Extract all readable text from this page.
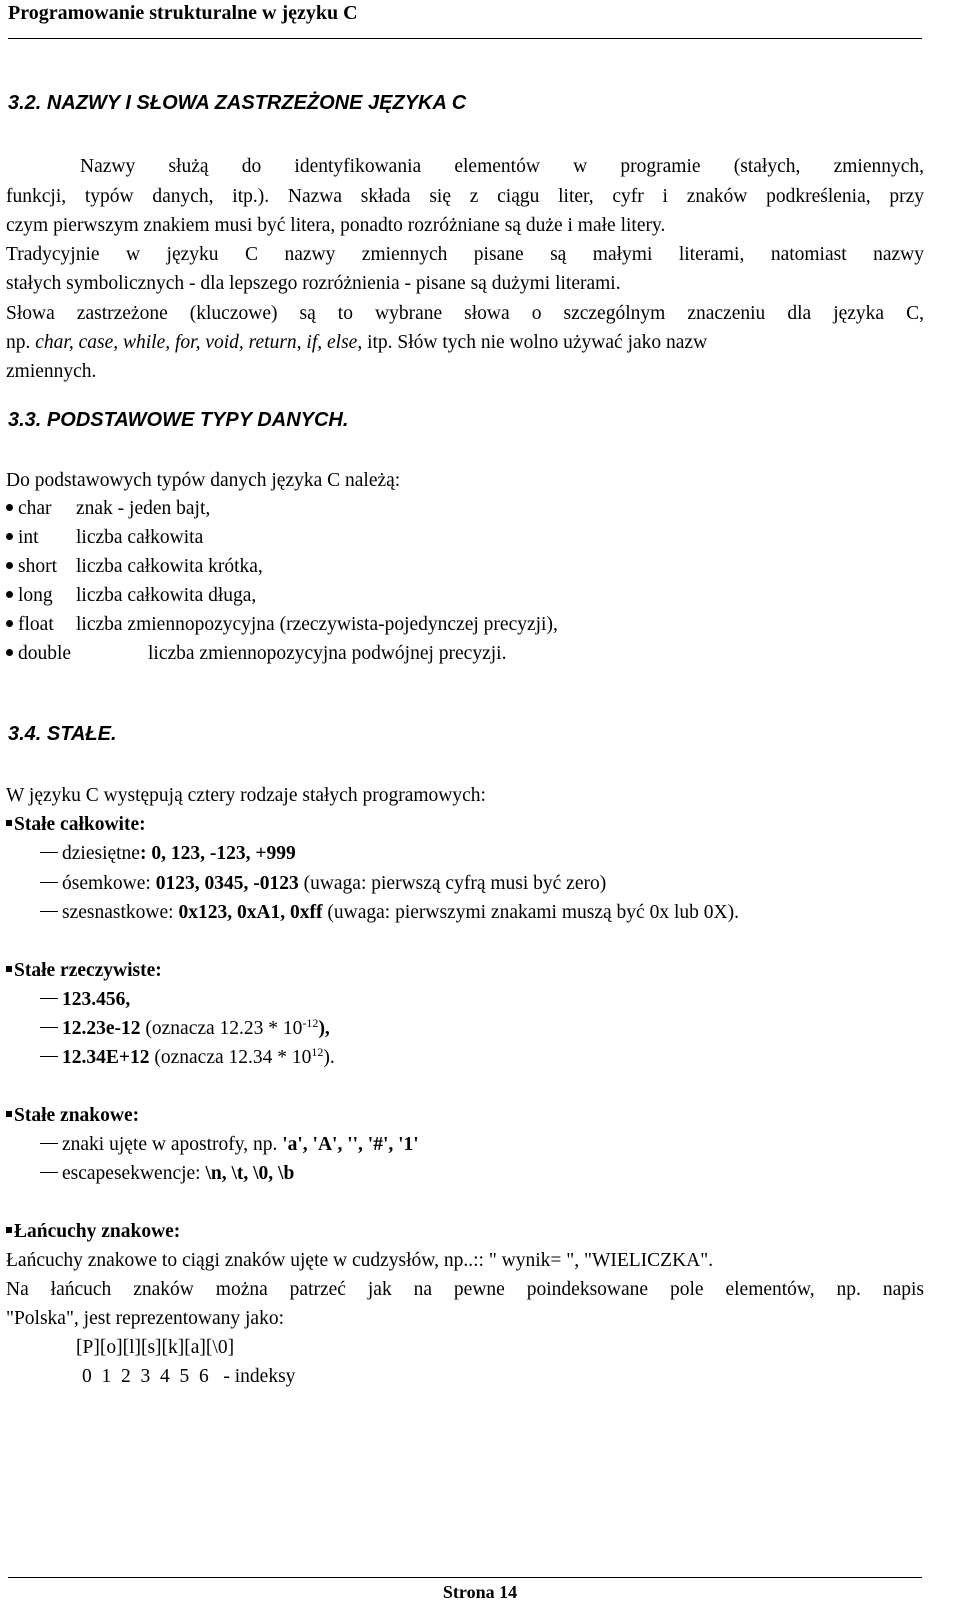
Programowanie strukturalne w języku C
3.2. NAZWY I SŁOWA ZASTRZEŻONE JĘZYKA C
Nazwy służą do identyfikowania elementów w programie (stałych, zmiennych,
funkcji, typów danych, itp.). Nazwa składa się z ciągu liter, cyfr i znaków podkreślenia, przy
czym pierwszym znakiem musi być litera, ponadto rozróżniane są duże i małe litery.
Tradycyjnie w języku C nazwy zmiennych pisane są małymi literami, natomiast nazwy
stałych symbolicznych - dla lepszego rozróżnienia - pisane są dużymi literami.
Słowa zastrzeżone (kluczowe) są to wybrane słowa o szczególnym znaczeniu dla języka C,
np. char, case, while, for, void, return, if, else, itp. Słów tych nie wolno używać jako nazw
zmiennych.
3.3. PODSTAWOWE TYPY DANYCH.
Do podstawowych typów danych języka C należą:
char znak - jeden bajt,
int liczba całkowita
short liczba całkowita krótka,
long liczba całkowita długa,
float liczba zmiennopozycyjna (rzeczywista-pojedynczej precyzji),
double	liczba zmiennopozycyjna podwójnej precyzji.
3.4. STAŁE.
W języku C występują cztery rodzaje stałych programowych:
Stałe całkowite:
dziesiętne: 0, 123, -123, +999
ósemkowe: 0123, 0345, -0123 (uwaga: pierwszą cyfrą musi być zero)
szesnastkowe: 0x123, 0xA1, 0xff (uwaga: pierwszymi znakami muszą być 0x lub 0X).
Stałe rzeczywiste:
123.456,
12.23e-12 (oznacza $12.23 * 10^{-12}$),
12.34E+12 (oznacza $12.34 * 10^{12}$).
Stałe znakowe:
znaki ujęte w apostrofy, np. 'a', 'A', '', '#', '1'
escapesekwencje: \n, \t, \0, \b
Łańcuchy znakowe:
Łańcuchy znakowe to ciągi znaków ujęte w cudzysłów, np..:: " wynik= ", "WIELICZKA".
Na łańcuch znaków można patrzeć jak na pewne poindeksowane pole elementów, np. napis
"Polska", jest reprezentowany jako:
[P][o][l][s][k][a][\0]
0  1  2  3  4  5  6   - indeksy
Strona 14
